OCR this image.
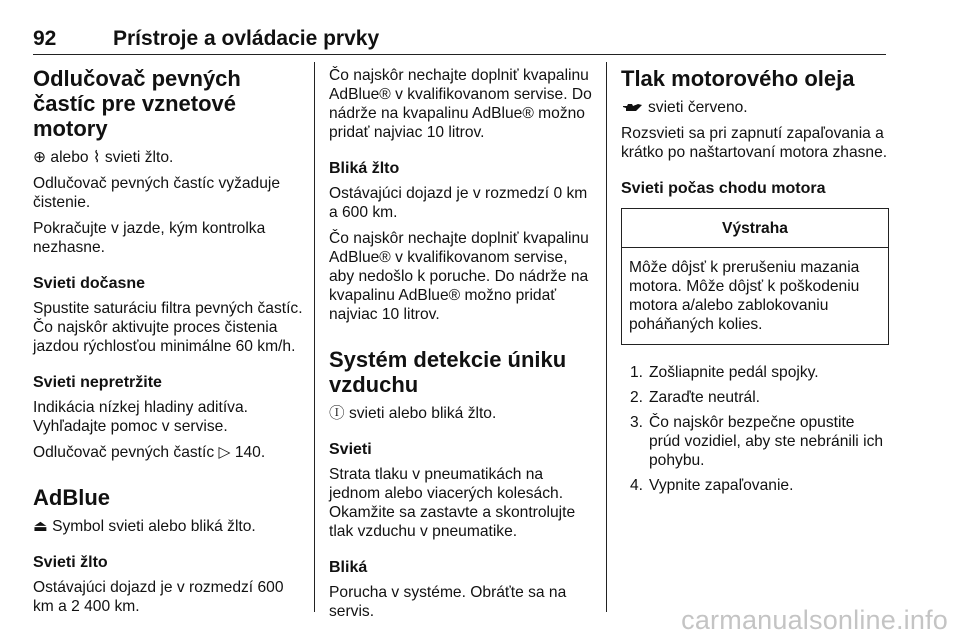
92	Prístroje a ovládacie prvky
Odlučovač pevných častíc pre vznetové motory

⊕ alebo ⌇ svieti žlto.

Odlučovač pevných častíc vyžaduje čistenie.

Pokračujte v jazde, kým kontrolka nezhasne.

Svieti dočasne

Spustite saturáciu filtra pevných častíc. Čo najskôr aktivujte proces čistenia jazdou rýchlosťou minimálne 60 km/h.

Svieti nepretržite

Indikácia nízkej hladiny aditíva. Vyhľadajte pomoc v servise.

Odlučovač pevných častíc ▷ 140.

AdBlue

⏏ Symbol svieti alebo bliká žlto.

Svieti žlto

Ostávajúci dojazd je v rozmedzí 600 km a 2 400 km.

Čo najskôr nechajte doplniť kvapalinu AdBlue® v kvalifikovanom servise. Do nádrže na kvapalinu AdBlue® možno pridať najviac 10 litrov.

Bliká žlto

Ostávajúci dojazd je v rozmedzí 0 km a 600 km.

Čo najskôr nechajte doplniť kvapalinu AdBlue® v kvalifikovanom servise, aby nedošlo k poruche. Do nádrže na kvapalinu AdBlue® možno pridať najviac 10 litrov.

Systém detekcie úniku vzduchu

Ⓘ svieti alebo bliká žlto.

Svieti

Strata tlaku v pneumatikách na jednom alebo viacerých kolesách. Okamžite sa zastavte a skontrolujte tlak vzduchu v pneumatike.

Bliká

Porucha v systéme. Obráťte sa na servis.

Tlak motorového oleja

svieti červeno.

Rozsvieti sa pri zapnutí zapaľovania a krátko po naštartovaní motora zhasne.

Svieti počas chodu motora
Výstraha
Môže dôjsť k prerušeniu mazania motora. Môže dôjsť k poškodeniu motora a/alebo zablokovaniu poháňaných kolies.
1. Zošliapnite pedál spojky.
2. Zaraďte neutrál.
3. Čo najskôr bezpečne opustite prúd vozidiel, aby ste nebránili ich pohybu.
4. Vypnite zapaľovanie.
carmanualsonline.info
